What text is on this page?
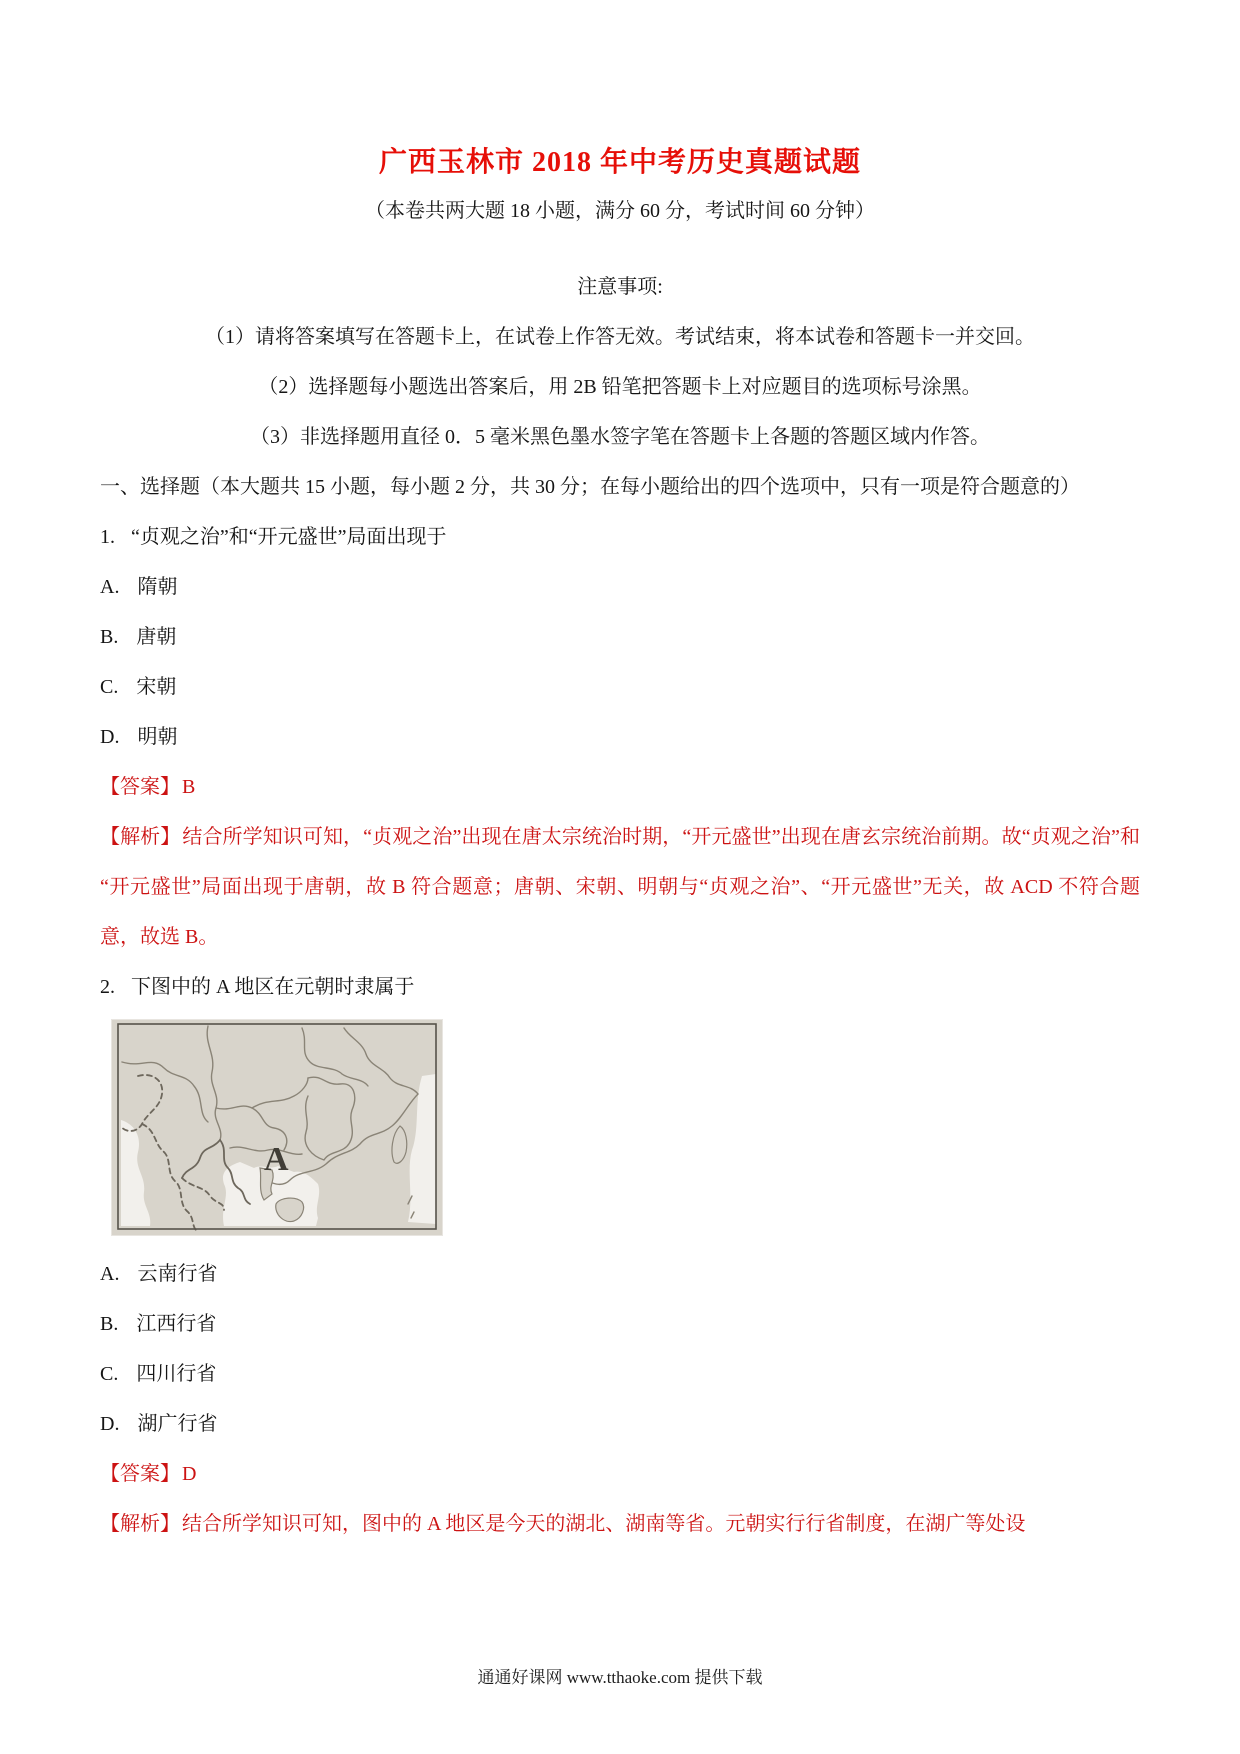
广西玉林市 2018 年中考历史真题试题

（本卷共两大题 18 小题，满分 60 分，考试时间 60 分钟）

注意事项:

（1）请将答案填写在答题卡上，在试卷上作答无效。考试结束，将本试卷和答题卡一并交回。

（2）选择题每小题选出答案后，用 2B 铅笔把答题卡上对应题目的选项标号涂黑。

（3）非选择题用直径 0．5 毫米黑色墨水签字笔在答题卡上各题的答题区域内作答。

一、选择题（本大题共 15 小题，每小题 2 分，共 30 分；在每小题给出的四个选项中，只有一项是符合题意的）

1. “贞观之治”和“开元盛世”局面出现于

A. 隋朝

B. 唐朝

C. 宋朝

D. 明朝

【答案】 B

【解析】 结合所学知识可知，“贞观之治”出现在唐太宗统治时期，“开元盛世”出现在唐玄宗统治前期。故“贞观之治”和“开元盛世”局面出现于唐朝，故 B 符合题意；唐朝、宋朝、明朝与“贞观之治”、“开元盛世”无关，故 ACD 不符合题意，故选 B。

2. 下图中的 A 地区在元朝时隶属于

A

A. 云南行省

B. 江西行省

C. 四川行省

D. 湖广行省

【答案】 D

【解析】 结合所学知识可知，图中的 A 地区是今天的湖北、湖南等省。元朝实行行省制度，在湖广等处设

通通好课网 www.tthaoke.com 提供下载
